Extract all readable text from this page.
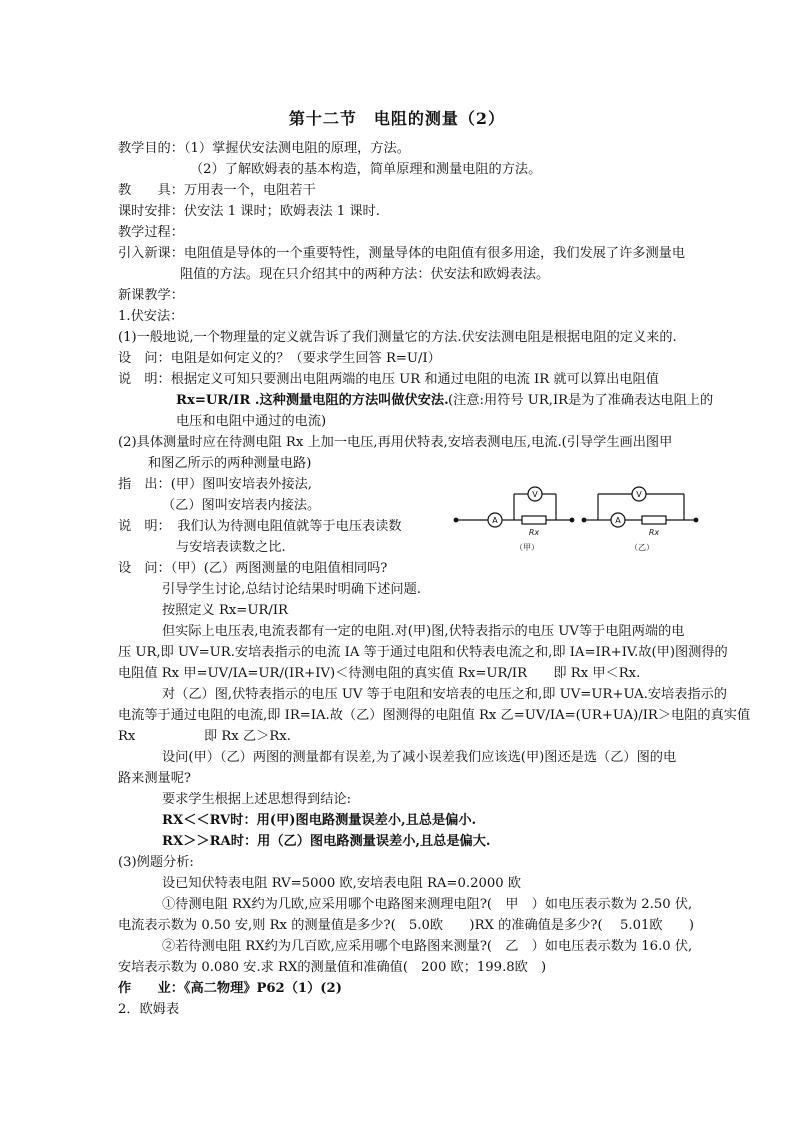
第十二节　电阻的测量（2）
教学目的：（1）掌握伏安法测电阻的原理，方法。
（2）了解欧姆表的基本构造，简单原理和测量电阻的方法。
教　　具：万用表一个，电阻若干
课时安排：伏安法 1 课时；欧姆表法 1 课时.
教学过程：
引入新课：电阻值是导体的一个重要特性，测量导体的电阻值有很多用途，我们发展了许多测量电
阻值的方法。现在只介绍其中的两种方法：伏安法和欧姆表法。
新课教学：
1.伏安法：
(1)一般地说,一个物理量的定义就告诉了我们测量它的方法.伏安法测电阻是根据电阻的定义来的.
设　问：电阻是如何定义的？（要求学生回答 R=U/I）
说　明：根据定义可知只要测出电阻两端的电压 UR 和通过电阻的电流 IR 就可以算出电阻值
Rx=UR/IR .这种测量电阻的方法叫做伏安法. (注意:用符号 UR,IR是为了准确表达电阻上的
电压和电阻中通过的电流)
(2)具体测量时应在待测电阻 Rx 上加一电压,再用伏特表,安培表测电压,电流.(引导学生画出图甲
和图乙所示的两种测量电路)
指　出：(甲）图叫安培表外接法,
（乙）图叫安培表内接法。
说　明：　我们认为待测电阻值就等于电压表读数
与安培表读数之比.
设　问：（甲）(乙）两图测量的电阻值相同吗?
引导学生讨论,总结讨论结果时明确下述问题.
按照定义 Rx=UR/IR
但实际上电压表,电流表都有一定的电阻.对(甲)图,伏特表指示的电压 UV等于电阻两端的电
压 UR,即 UV=UR.安培表指示的电流 IA 等于通过电阻和伏特表电流之和,即 IA=IR+IV.故(甲)图测得的
电阻值 Rx 甲=UV/IA=UR/(IR+IV)＜待测电阻的真实值 Rx=UR/IR　　即 Rx 甲＜Rx.
对（乙）图,伏特表指示的电压 UV 等于电阻和安培表的电压之和,即 UV=UR+UA.安培表指示的
电流等于通过电阻的电流,即 IR=IA.故（乙）图测得的电阻值 Rx 乙=UV/IA=(UR+UA)/IR＞电阻的真实值
Rx	即 Rx 乙＞Rx.
设问(甲）（乙）两图的测量都有误差,为了减小误差我们应该选(甲)图还是选（乙）图的电
路来测量呢?
要求学生根据上述思想得到结论:
RX＜＜RV时：用(甲)图电路测量误差小,且总是偏小.
RX＞＞RA时：用（乙）图电路测量误差小,且总是偏大.
(3)例题分析:
设已知伏特表电阻 RV=5000 欧,安培表电阻 RA=0.2000 欧
①待测电阻 RX约为几欧,应采用哪个电路图来测理电阻?(　甲　）如电压表示数为 2.50 伏,
电流表示数为 0.50 安,则 Rx 的测量值是多少?(　5.0欧　　)RX 的准确值是多少?(　 5.01欧　　)
②若待测电阻 RX约为几百欧,应采用哪个电路图来测量?(　乙　）如电压表示数为 16.0 伏,
安培表示数为 0.080 安.求 RX的测量值和准确值(　200 欧；199.8欧　)
作　　业：《高二物理》P62（1）(2)
2．欧姆表
A
V
Rx
（甲）
A
V
Rx
（乙）
